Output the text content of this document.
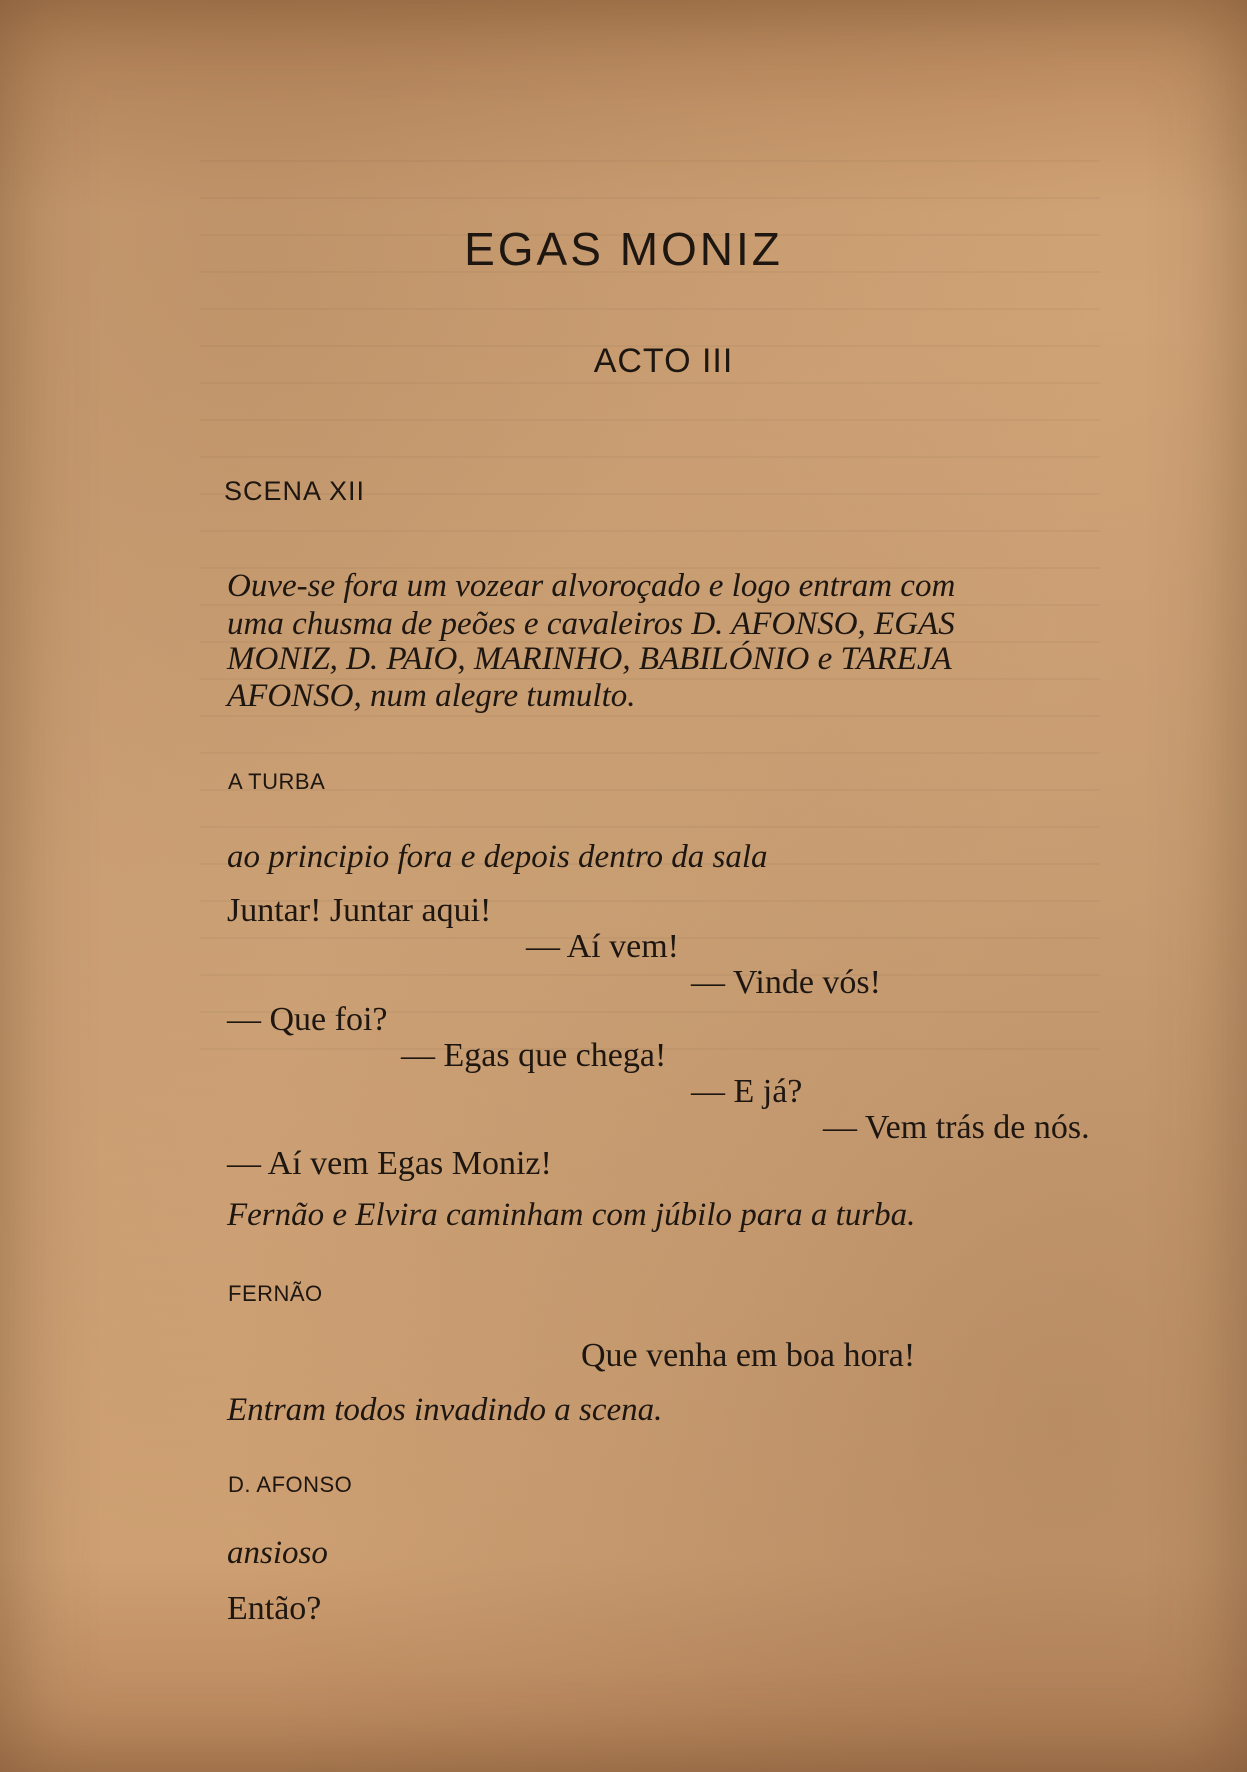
EGAS MONIZ
ACTO III
SCENA XII
Ouve-se fora um vozear alvoroçado e logo entram com
uma chusma de peões e cavaleiros D. AFONSO, EGAS
MONIZ, D. PAIO, MARINHO, BABILÓNIO e TAREJA
AFONSO, num alegre tumulto.
A TURBA
ao principio fora e depois dentro da sala
Juntar! Juntar aqui!
— Aí vem!
— Vinde vós!
— Que foi?
— Egas que chega!
— E já?
— Vem trás de nós.
— Aí vem Egas Moniz!
Fernão e Elvira caminham com júbilo para a turba.
FERNÃO
Que venha em boa hora!
Entram todos invadindo a scena.
D. AFONSO
ansioso
Então?
